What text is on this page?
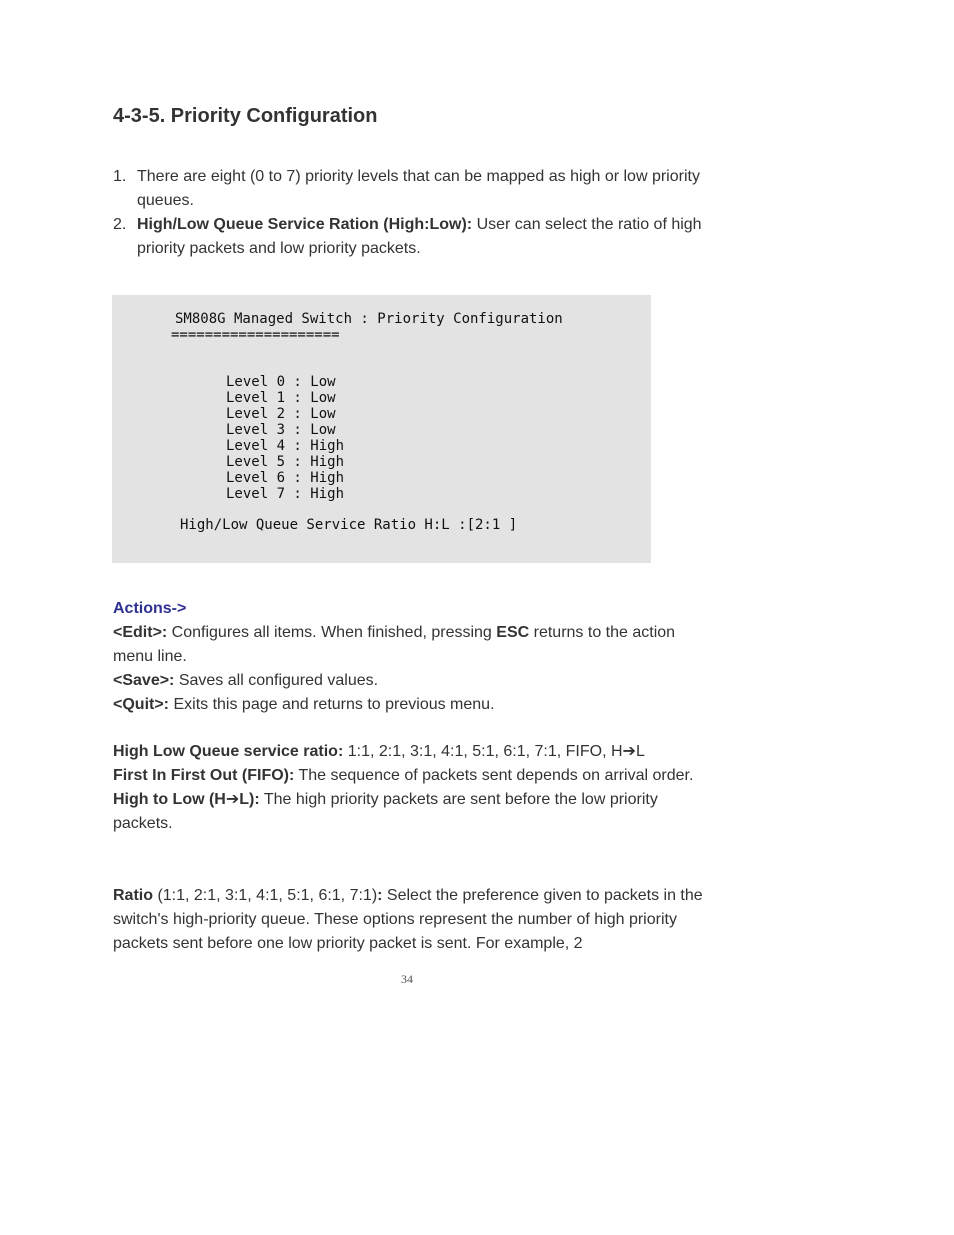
4-3-5. Priority Configuration
1. There are eight (0 to 7) priority levels that can be mapped as high or low priority queues.
2. High/Low Queue Service Ration (High:Low): User can select the ratio of high priority packets and low priority packets.
SM808G Managed Switch : Priority Configuration
====================
Level 0 : Low
Level 1 : Low
Level 2 : Low
Level 3 : Low
Level 4 : High
Level 5 : High
Level 6 : High
Level 7 : High
High/Low Queue Service Ratio H:L :[2:1 ]
Actions->
<Edit>: Configures all items. When finished, pressing ESC returns to the action menu line.
<Save>: Saves all configured values.
<Quit>: Exits this page and returns to previous menu.
High Low Queue service ratio: 1:1, 2:1, 3:1, 4:1, 5:1, 6:1, 7:1, FIFO, H➔L
First In First Out (FIFO): The sequence of packets sent depends on arrival order.
High to Low (H➔L): The high priority packets are sent before the low priority packets.
Ratio (1:1, 2:1, 3:1, 4:1, 5:1, 6:1, 7:1): Select the preference given to packets in the switch's high-priority queue. These options represent the number of high priority packets sent before one low priority packet is sent. For example, 2
34
